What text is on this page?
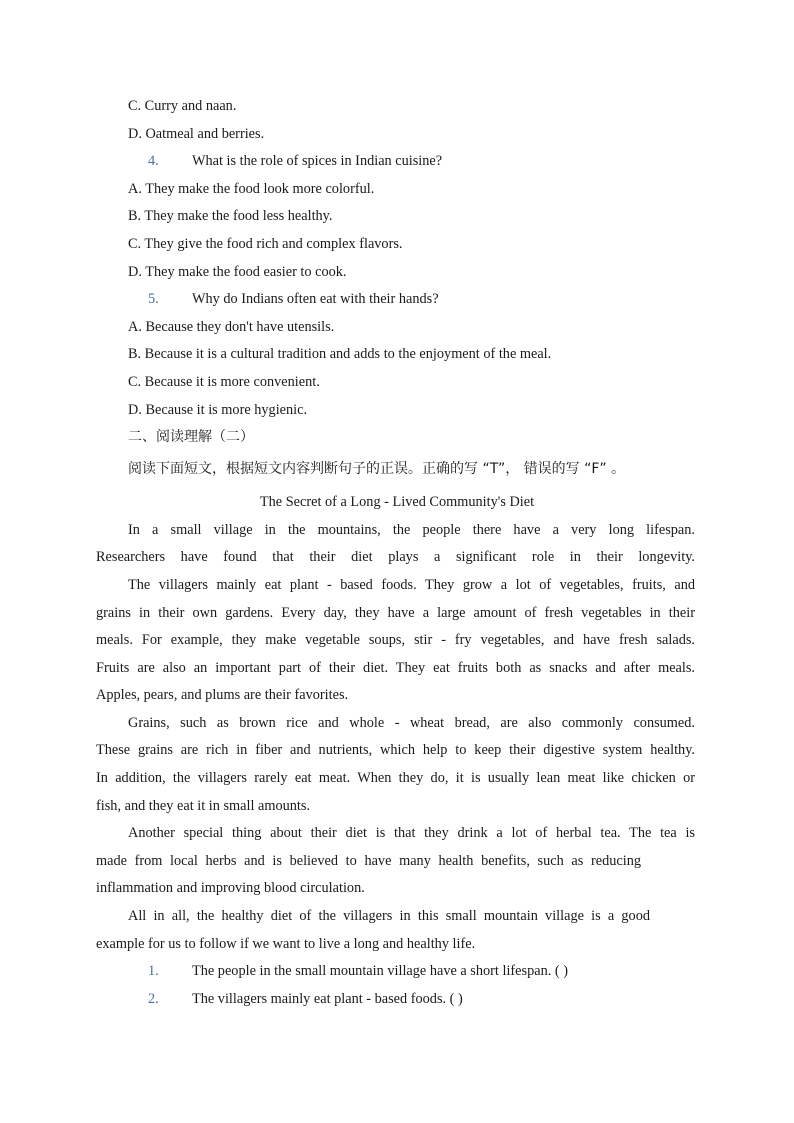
C. Curry and naan.
D. Oatmeal and berries.
4. What is the role of spices in Indian cuisine?
A. They make the food look more colorful.
B. They make the food less healthy.
C. They give the food rich and complex flavors.
D. They make the food easier to cook.
5. Why do Indians often eat with their hands?
A. Because they don't have utensils.
B. Because it is a cultural tradition and adds to the enjoyment of the meal.
C. Because it is more convenient.
D. Because it is more hygienic.
二、阅读理解（二）
阅读下面短文，根据短文内容判断句子的正误。正确的写 “T”， 错误的写 “F” 。
The Secret of a Long - Lived Community's Diet
In a small village in the mountains, the people there have a very long lifespan.
Researchers have found that their diet plays a significant role in their longevity.
The villagers mainly eat plant - based foods. They grow a lot of vegetables, fruits, and
grains in their own gardens. Every day, they have a large amount of fresh vegetables in their
meals. For example, they make vegetable soups, stir - fry vegetables, and have fresh salads.
Fruits are also an important part of their diet. They eat fruits both as snacks and after meals.
Apples, pears, and plums are their favorites.
Grains, such as brown rice and whole - wheat bread, are also commonly consumed.
These grains are rich in fiber and nutrients, which help to keep their digestive system healthy.
In addition, the villagers rarely eat meat. When they do, it is usually lean meat like chicken or
fish, and they eat it in small amounts.
Another special thing about their diet is that they drink a lot of herbal tea. The tea is
made from local herbs and is believed to have many health benefits, such as reducing
inflammation and improving blood circulation.
All in all, the healthy diet of the villagers in this small mountain village is a good
example for us to follow if we want to live a long and healthy life.
1. The people in the small mountain village have a short lifespan. ( )
2. The villagers mainly eat plant - based foods. ( )
